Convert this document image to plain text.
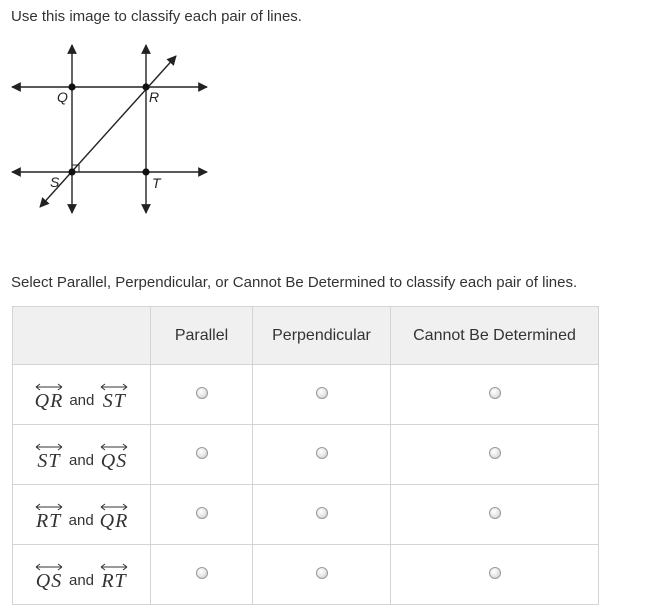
Use this image to classify each pair of lines.
Q	R
S	T
Select Parallel, Perpendicular, or Cannot Be Determined to classify each pair of lines.
	Parallel	Perpendicular	Cannot Be Determined

QR and ST			

ST and QS			

RT and QR			

QS and RT			
